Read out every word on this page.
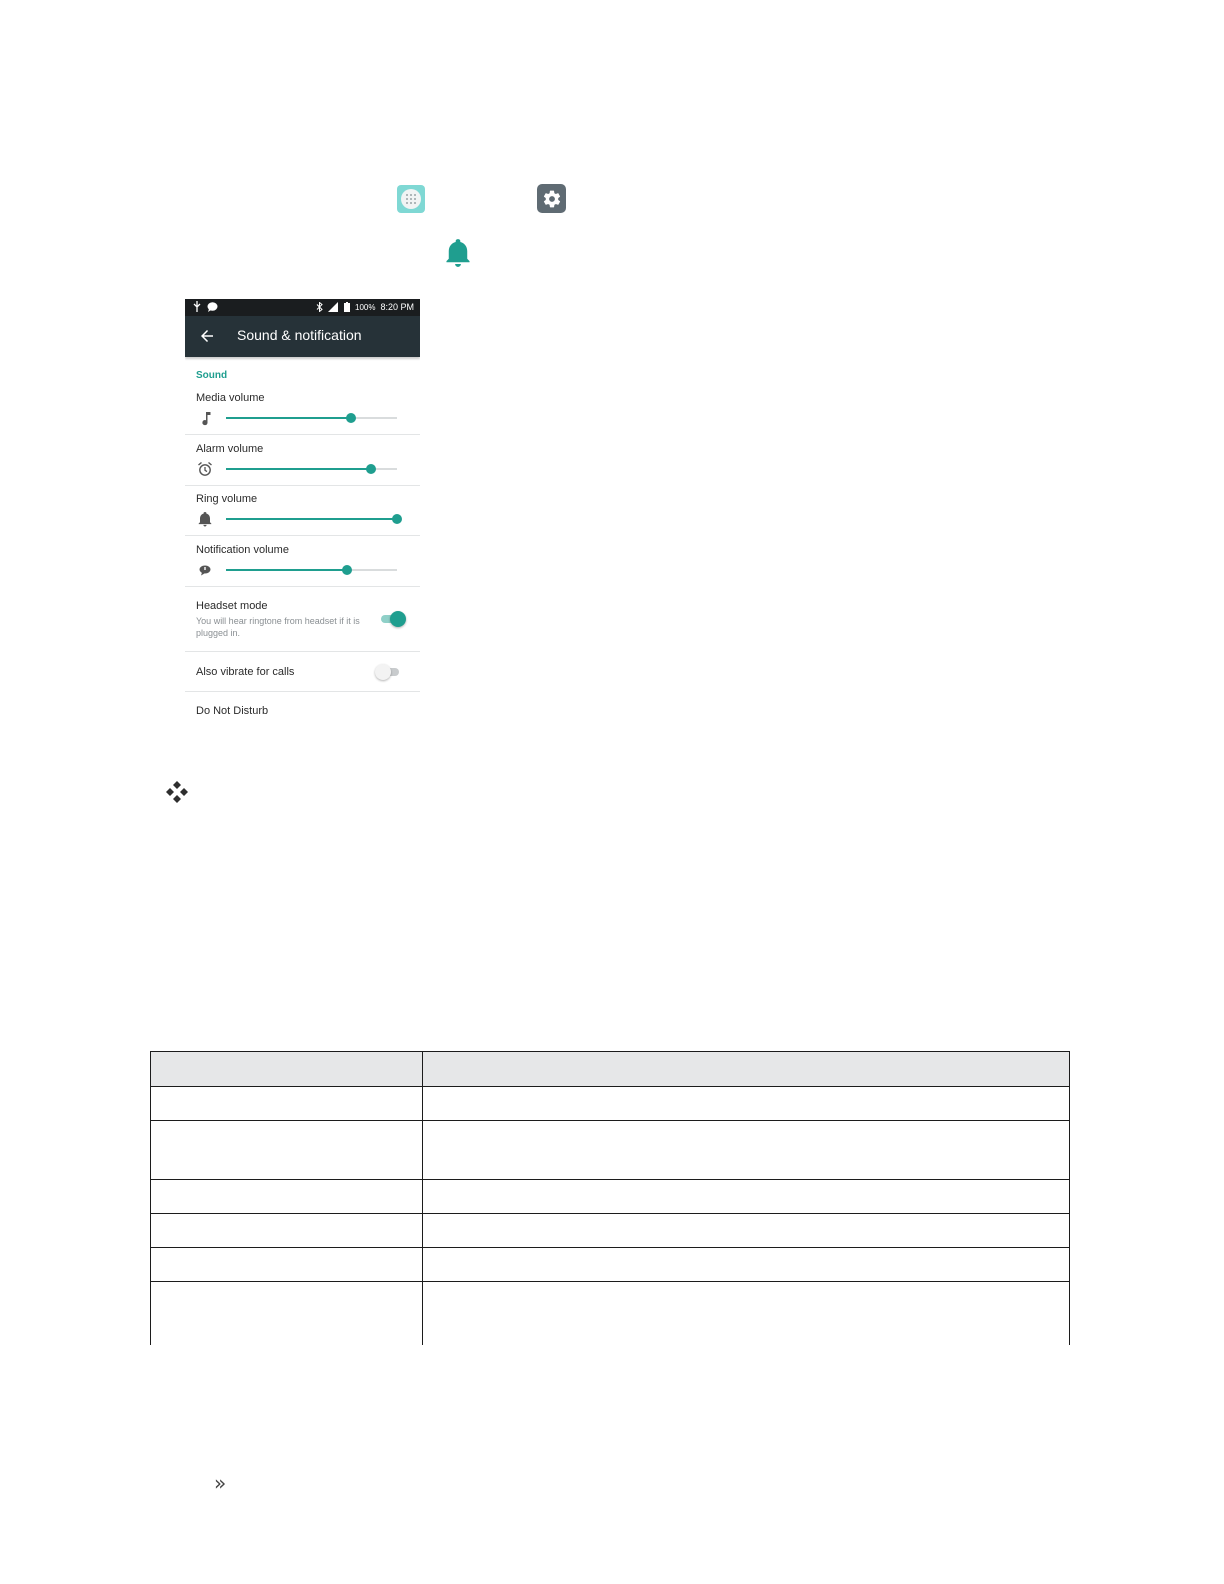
100% 8:20 PM
Sound & notification
Sound
Media volume
Alarm volume
Ring volume
Notification volume
Headset mode
You will hear ringtone from headset if it is plugged in.
Also vibrate for calls
Do Not Disturb

»
